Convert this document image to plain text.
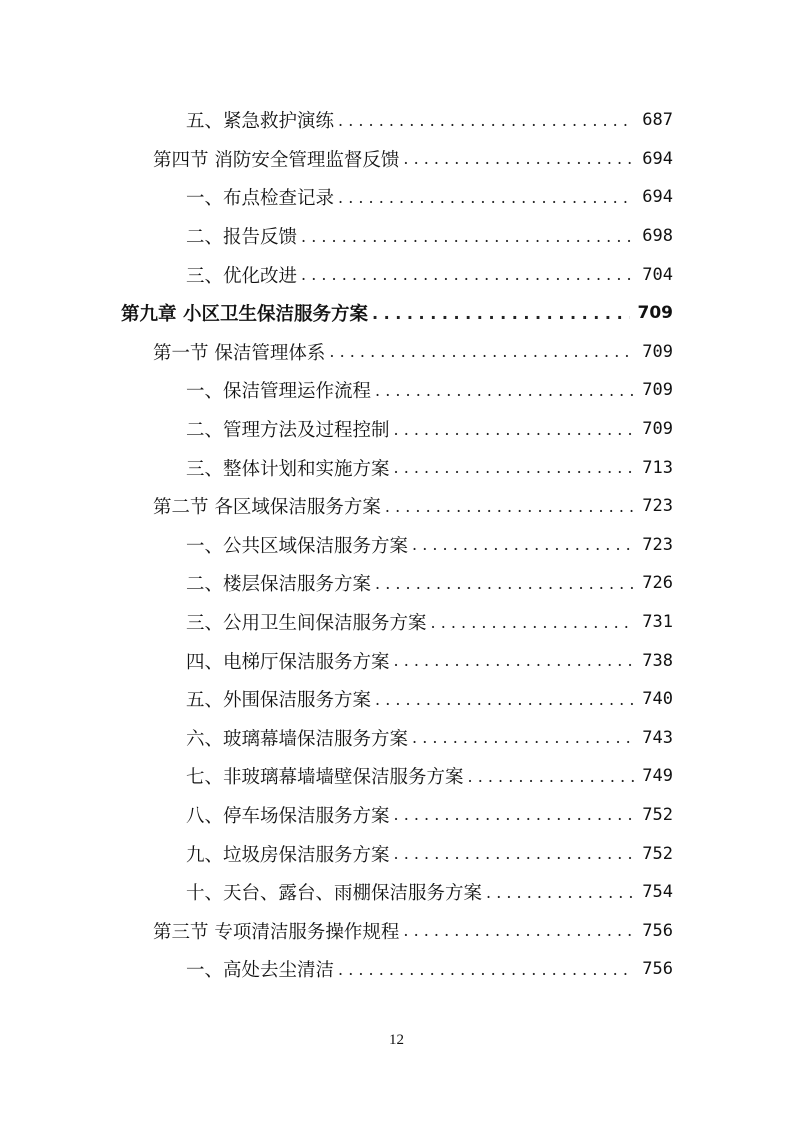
五、紧急救护演练 . . .	687
第四节 消防安全管理监督反馈 . . .	694
一、布点检查记录 . . .	694
二、报告反馈 . . .	698
三、优化改进 . . .	704
第九章 小区卫生保洁服务方案 . . .	709
第一节 保洁管理体系 . . .	709
一、保洁管理运作流程 . . .	709
二、管理方法及过程控制 . . .	709
三、整体计划和实施方案 . . .	713
第二节 各区域保洁服务方案 . . .	723
一、公共区域保洁服务方案 . . .	723
二、楼层保洁服务方案 . . .	726
三、公用卫生间保洁服务方案 . . .	731
四、电梯厅保洁服务方案 . . .	738
五、外围保洁服务方案 . . .	740
六、玻璃幕墙保洁服务方案 . . .	743
七、非玻璃幕墙墙壁保洁服务方案 . . .	749
八、停车场保洁服务方案 . . .	752
九、垃圾房保洁服务方案 . . .	752
十、天台、露台、雨棚保洁服务方案 . . .	754
第三节 专项清洁服务操作规程 . . .	756
一、高处去尘清洁 . . .	756
12
